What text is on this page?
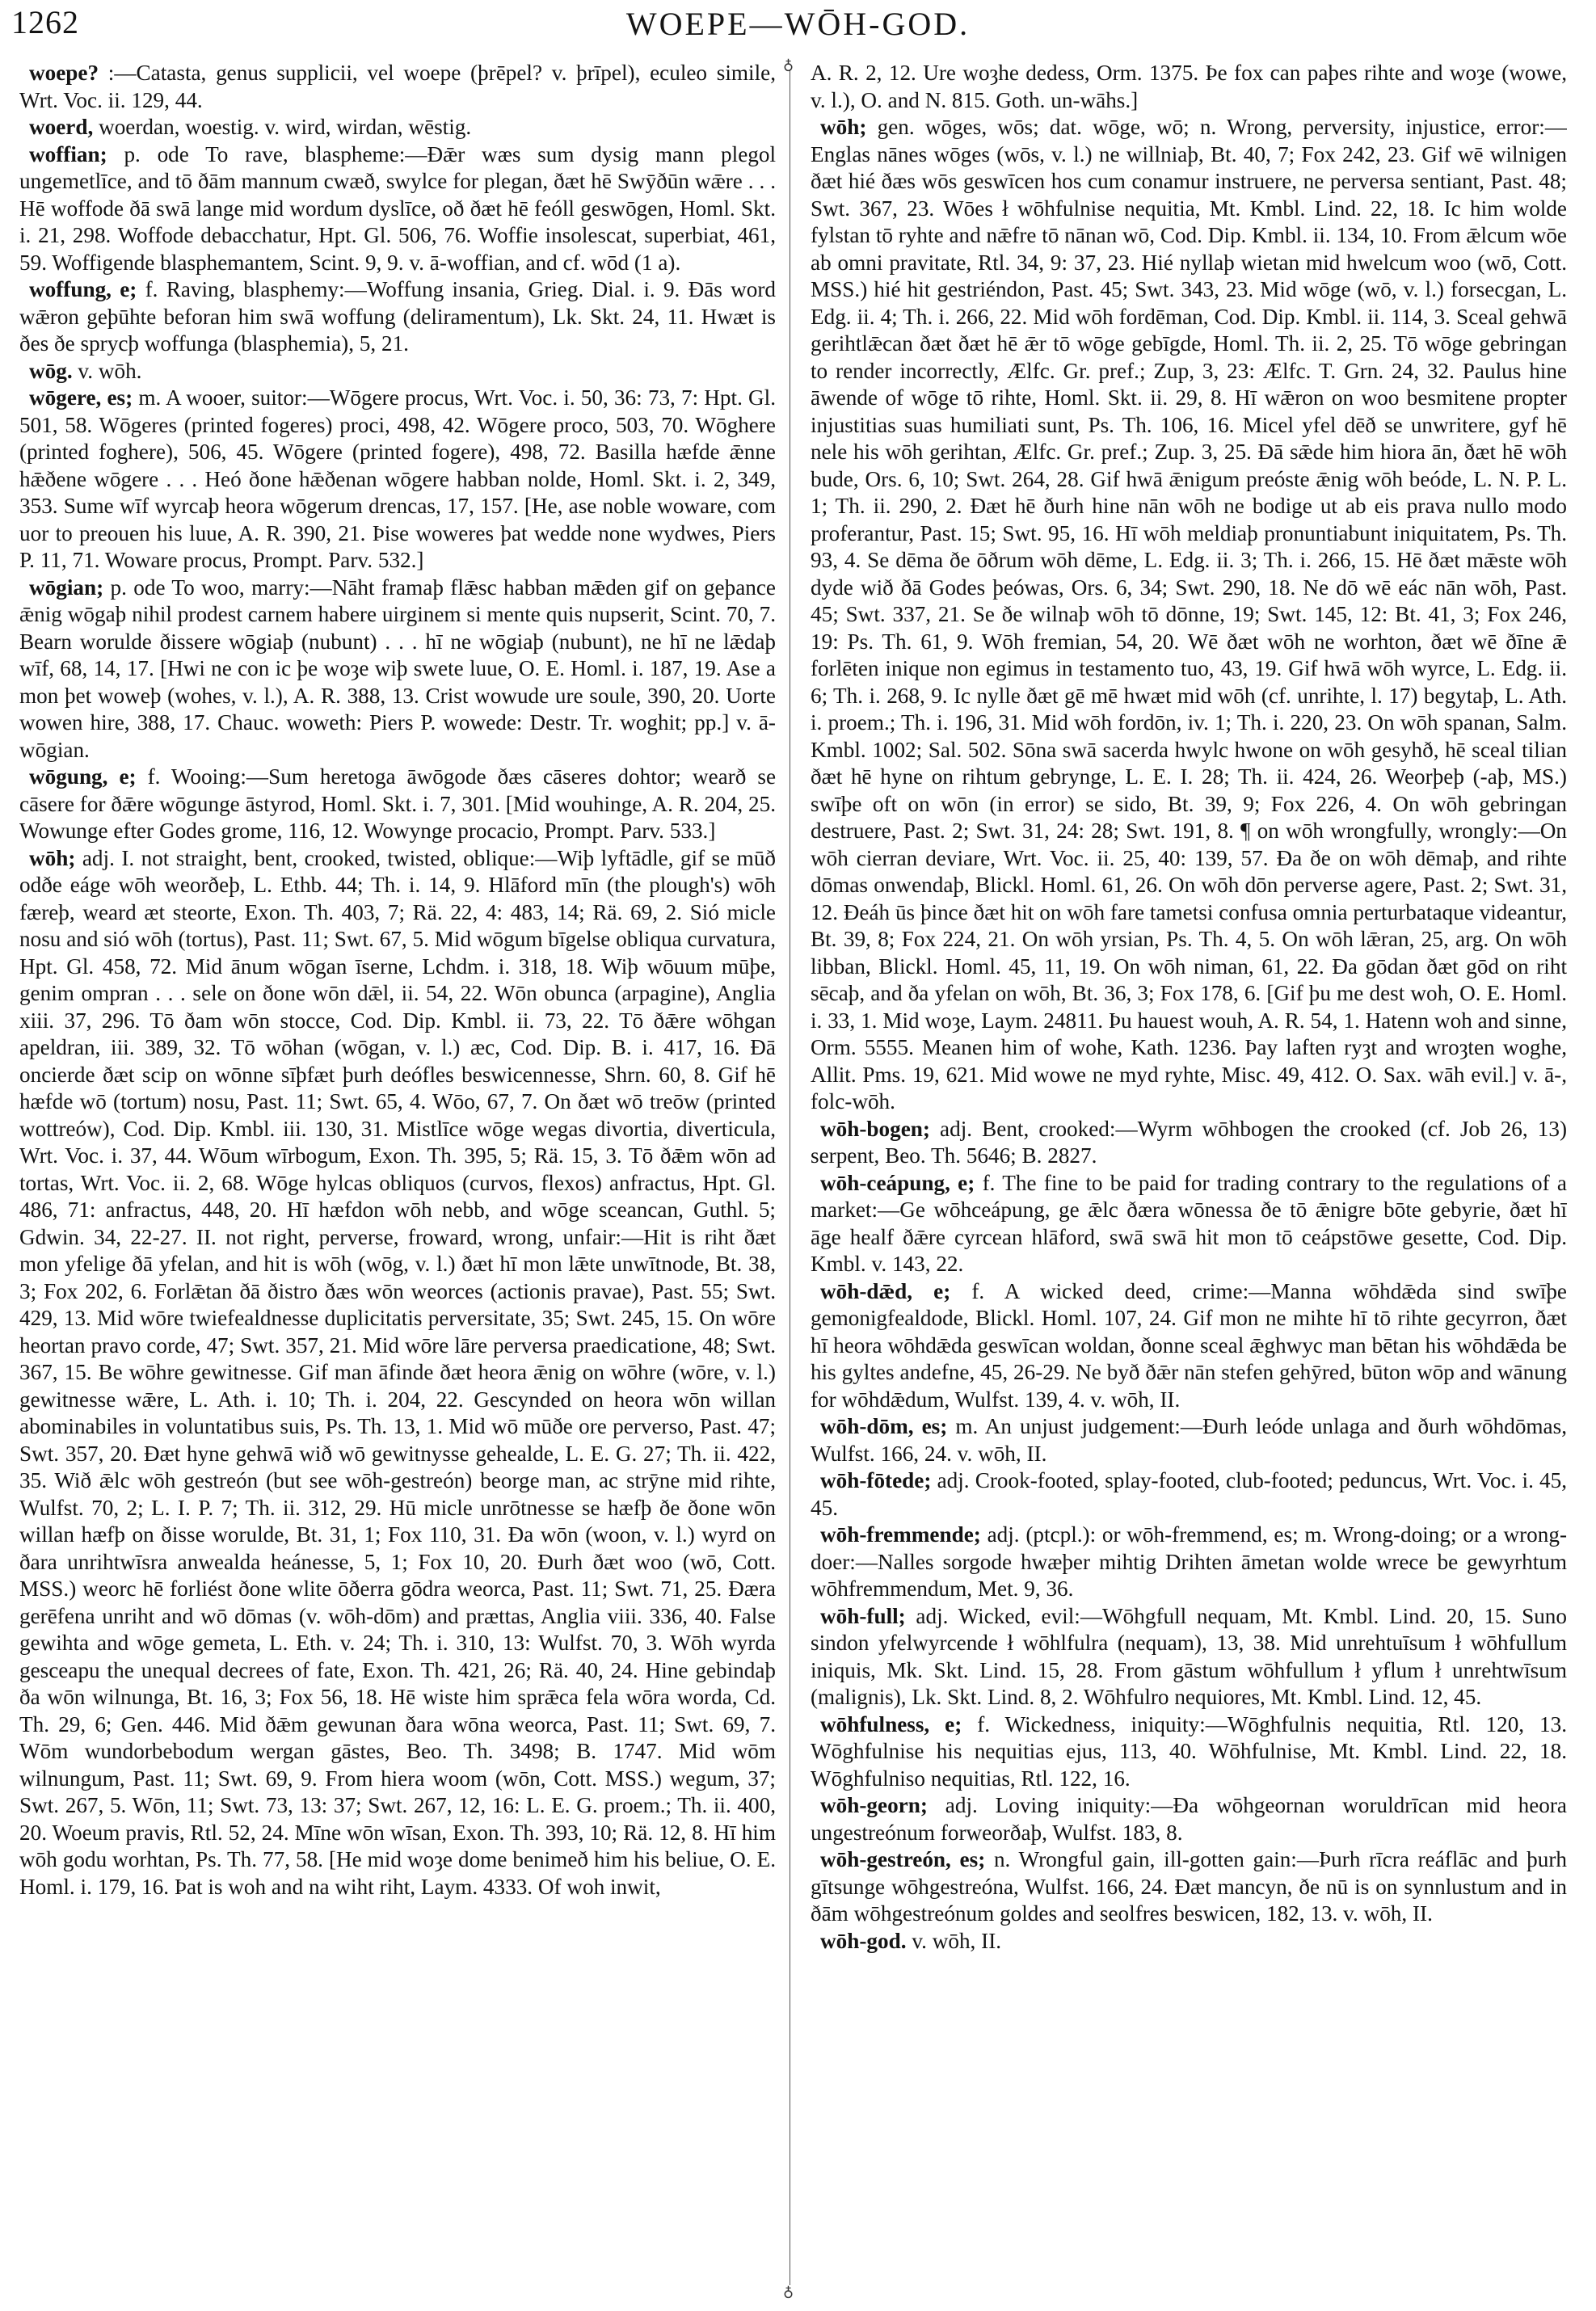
1262	WOEPE—WŌH-GOD.
♁
♁

woepe? :—Catasta, genus supplicii, vel woepe (þrēpel? v. þrīpel), eculeo simile, Wrt. Voc. ii. 129, 44.

woerd, woerdan, woestig. v. wird, wirdan, wēstig.

woffian; p. ode To rave, blaspheme:—Ðǣr wæs sum dysig mann plegol ungemetlīce, and tō ðām mannum cwæð, swylce for plegan, ðæt hē Swȳðūn wǣre . . . Hē woffode ðā swā lange mid wordum dyslīce, oð ðæt hē feóll geswōgen, Homl. Skt. i. 21, 298. Woffode debacchatur, Hpt. Gl. 506, 76. Woffie insolescat, superbiat, 461, 59. Woffigende blasphemantem, Scint. 9, 9. v. ā-woffian, and cf. wōd (1 a).

woffung, e; f. Raving, blasphemy:—Woffung insania, Grieg. Dial. i. 9. Ðās word wǣron geþūhte beforan him swā woffung (deliramentum), Lk. Skt. 24, 11. Hwæt is ðes ðe sprycþ woffunga (blasphemia), 5, 21.

wōg. v. wōh.

wōgere, es; m. A wooer, suitor:—Wōgere procus, Wrt. Voc. i. 50, 36: 73, 7: Hpt. Gl. 501, 58. Wōgeres (printed fogeres) proci, 498, 42. Wōgere proco, 503, 70. Wōghere (printed foghere), 506, 45. Wōgere (printed fogere), 498, 72. Basilla hæfde ǣnne hǣðene wōgere . . . Heó ðone hǣðenan wōgere habban nolde, Homl. Skt. i. 2, 349, 353. Sume wīf wyrcaþ heora wōgerum drencas, 17, 157. [He, ase noble woware, com uor to preouen his luue, A. R. 390, 21. Þise woweres þat wedde none wydwes, Piers P. 11, 71. Woware procus, Prompt. Parv. 532.]

wōgian; p. ode To woo, marry:—Nāht framaþ flǣsc habban mǣden gif on geþance ǣnig wōgaþ nihil prodest carnem habere uirginem si mente quis nupserit, Scint. 70, 7. Bearn worulde ðissere wōgiaþ (nubunt) . . . hī ne wōgiaþ (nubunt), ne hī ne lǣdaþ wīf, 68, 14, 17. [Hwi ne con ic þe woȝe wiþ swete luue, O. E. Homl. i. 187, 19. Ase a mon þet woweþ (wohes, v. l.), A. R. 388, 13. Crist wowude ure soule, 390, 20. Uorte wowen hire, 388, 17. Chauc. woweth: Piers P. wowede: Destr. Tr. woghit; pp.] v. ā-wōgian.

wōgung, e; f. Wooing:—Sum heretoga āwōgode ðæs cāseres dohtor; wearð se cāsere for ðǣre wōgunge āstyrod, Homl. Skt. i. 7, 301. [Mid wouhinge, A. R. 204, 25. Wowunge efter Godes grome, 116, 12. Wowynge procacio, Prompt. Parv. 533.]

wōh; adj. I. not straight, bent, crooked, twisted, oblique:—Wiþ lyftādle, gif se mūð odðe eáge wōh weorðeþ, L. Ethb. 44; Th. i. 14, 9. Hlāford mīn (the plough's) wōh færeþ, weard æt steorte, Exon. Th. 403, 7; Rä. 22, 4: 483, 14; Rä. 69, 2. Sió micle nosu and sió wōh (tortus), Past. 11; Swt. 67, 5. Mid wōgum bīgelse obliqua curvatura, Hpt. Gl. 458, 72. Mid ānum wōgan īserne, Lchdm. i. 318, 18. Wiþ wōuum mūþe, genim ompran . . . sele on ðone wōn dǣl, ii. 54, 22. Wōn obunca (arpagine), Anglia xiii. 37, 296. Tō ðam wōn stocce, Cod. Dip. Kmbl. ii. 73, 22. Tō ðǣre wōhgan apeldran, iii. 389, 32. Tō wōhan (wōgan, v. l.) æc, Cod. Dip. B. i. 417, 16. Ðā oncierde ðæt scip on wōnne sīþfæt þurh deófles beswicennesse, Shrn. 60, 8. Gif hē hæfde wō (tortum) nosu, Past. 11; Swt. 65, 4. Wōo, 67, 7. On ðæt wō treōw (printed wottreów), Cod. Dip. Kmbl. iii. 130, 31. Mistlīce wōge wegas divortia, diverticula, Wrt. Voc. i. 37, 44. Wōum wīrbogum, Exon. Th. 395, 5; Rä. 15, 3. Tō ðǣm wōn ad tortas, Wrt. Voc. ii. 2, 68. Wōge hylcas obliquos (curvos, flexos) anfractus, Hpt. Gl. 486, 71: anfractus, 448, 20. Hī hæfdon wōh nebb, and wōge sceancan, Guthl. 5; Gdwin. 34, 22-27. II. not right, perverse, froward, wrong, unfair:—Hit is riht ðæt mon yfelige ðā yfelan, and hit is wōh (wōg, v. l.) ðæt hī mon lǣte unwītnode, Bt. 38, 3; Fox 202, 6. Forlǣtan ðā ðistro ðæs wōn weorces (actionis pravae), Past. 55; Swt. 429, 13. Mid wōre twiefealdnesse duplicitatis perversitate, 35; Swt. 245, 15. On wōre heortan pravo corde, 47; Swt. 357, 21. Mid wōre lāre perversa praedicatione, 48; Swt. 367, 15. Be wōhre gewitnesse. Gif man āfinde ðæt heora ǣnig on wōhre (wōre, v. l.) gewitnesse wǣre, L. Ath. i. 10; Th. i. 204, 22. Gescynded on heora wōn willan abominabiles in voluntatibus suis, Ps. Th. 13, 1. Mid wō mūðe ore perverso, Past. 47; Swt. 357, 20. Ðæt hyne gehwā wið wō gewitnysse gehealde, L. E. G. 27; Th. ii. 422, 35. Wið ǣlc wōh gestreón (but see wōh-gestreón) beorge man, ac strȳne mid rihte, Wulfst. 70, 2; L. I. P. 7; Th. ii. 312, 29. Hū micle unrōtnesse se hæfþ ðe ðone wōn willan hæfþ on ðisse worulde, Bt. 31, 1; Fox 110, 31. Ða wōn (woon, v. l.) wyrd on ðara unrihtwīsra anwealda heánesse, 5, 1; Fox 10, 20. Ðurh ðæt woo (wō, Cott. MSS.) weorc hē forliést ðone wlite ōðerra gōdra weorca, Past. 11; Swt. 71, 25. Ðæra gerēfena unriht and wō dōmas (v. wōh-dōm) and prættas, Anglia viii. 336, 40. False gewihta and wōge gemeta, L. Eth. v. 24; Th. i. 310, 13: Wulfst. 70, 3. Wōh wyrda gesceapu the unequal decrees of fate, Exon. Th. 421, 26; Rä. 40, 24. Hine gebindaþ ða wōn wilnunga, Bt. 16, 3; Fox 56, 18. Hē wiste him sprǣca fela wōra worda, Cd. Th. 29, 6; Gen. 446. Mid ðǣm gewunan ðara wōna weorca, Past. 11; Swt. 69, 7. Wōm wundorbebodum wergan gāstes, Beo. Th. 3498; B. 1747. Mid wōm wilnungum, Past. 11; Swt. 69, 9. From hiera woom (wōn, Cott. MSS.) wegum, 37; Swt. 267, 5. Wōn, 11; Swt. 73, 13: 37; Swt. 267, 12, 16: L. E. G. proem.; Th. ii. 400, 20. Woeum pravis, Rtl. 52, 24. Mīne wōn wīsan, Exon. Th. 393, 10; Rä. 12, 8. Hī him wōh godu worhtan, Ps. Th. 77, 58. [He mid woȝe dome benimeð him his beliue, O. E. Homl. i. 179, 16. Þat is woh and na wiht riht, Laym. 4333. Of woh inwit,

A. R. 2, 12. Ure woȝhe dedess, Orm. 1375. Þe fox can paþes rihte and woȝe (wowe, v. l.), O. and N. 815. Goth. un-wāhs.]

wōh; gen. wōges, wōs; dat. wōge, wō; n. Wrong, perversity, injustice, error:—Englas nānes wōges (wōs, v. l.) ne willniaþ, Bt. 40, 7; Fox 242, 23. Gif wē wilnigen ðæt hié ðæs wōs geswīcen hos cum conamur instruere, ne perversa sentiant, Past. 48; Swt. 367, 23. Wōes ł wōhfulnise nequitia, Mt. Kmbl. Lind. 22, 18. Ic him wolde fylstan tō ryhte and nǣfre tō nānan wō, Cod. Dip. Kmbl. ii. 134, 10. From ǣlcum wōe ab omni pravitate, Rtl. 34, 9: 37, 23. Hié nyllaþ wietan mid hwelcum woo (wō, Cott. MSS.) hié hit gestriéndon, Past. 45; Swt. 343, 23. Mid wōge (wō, v. l.) forsecgan, L. Edg. ii. 4; Th. i. 266, 22. Mid wōh fordēman, Cod. Dip. Kmbl. ii. 114, 3. Sceal gehwā gerihtlǣcan ðæt ðæt hē ǣr tō wōge gebīgde, Homl. Th. ii. 2, 25. Tō wōge gebringan to render incorrectly, Ælfc. Gr. pref.; Zup, 3, 23: Ælfc. T. Grn. 24, 32. Paulus hine āwende of wōge tō rihte, Homl. Skt. ii. 29, 8. Hī wǣron on woo besmitene propter injustitias suas humiliati sunt, Ps. Th. 106, 16. Micel yfel dēð se unwritere, gyf hē nele his wōh gerihtan, Ælfc. Gr. pref.; Zup. 3, 25. Ðā sǣde him hiora ān, ðæt hē wōh bude, Ors. 6, 10; Swt. 264, 28. Gif hwā ǣnigum preóste ǣnig wōh beóde, L. N. P. L. 1; Th. ii. 290, 2. Ðæt hē ðurh hine nān wōh ne bodige ut ab eis prava nullo modo proferantur, Past. 15; Swt. 95, 16. Hī wōh meldiaþ pronuntiabunt iniquitatem, Ps. Th. 93, 4. Se dēma ðe ōðrum wōh dēme, L. Edg. ii. 3; Th. i. 266, 15. Hē ðæt mǣste wōh dyde wið ðā Godes þeówas, Ors. 6, 34; Swt. 290, 18. Ne dō wē eác nān wōh, Past. 45; Swt. 337, 21. Se ðe wilnaþ wōh tō dōnne, 19; Swt. 145, 12: Bt. 41, 3; Fox 246, 19: Ps. Th. 61, 9. Wōh fremian, 54, 20. Wē ðæt wōh ne worhton, ðæt wē ðīne ǣ forlēten inique non egimus in testamento tuo, 43, 19. Gif hwā wōh wyrce, L. Edg. ii. 6; Th. i. 268, 9. Ic nylle ðæt gē mē hwæt mid wōh (cf. unrihte, l. 17) begytaþ, L. Ath. i. proem.; Th. i. 196, 31. Mid wōh fordōn, iv. 1; Th. i. 220, 23. On wōh spanan, Salm. Kmbl. 1002; Sal. 502. Sōna swā sacerda hwylc hwone on wōh gesyhð, hē sceal tilian ðæt hē hyne on rihtum gebrynge, L. E. I. 28; Th. ii. 424, 26. Weorþeþ (-aþ, MS.) swīþe oft on wōn (in error) se sido, Bt. 39, 9; Fox 226, 4. On wōh gebringan destruere, Past. 2; Swt. 31, 24: 28; Swt. 191, 8. ¶ on wōh wrongfully, wrongly:—On wōh cierran deviare, Wrt. Voc. ii. 25, 40: 139, 57. Ða ðe on wōh dēmaþ, and rihte dōmas onwendaþ, Blickl. Homl. 61, 26. On wōh dōn perverse agere, Past. 2; Swt. 31, 12. Ðeáh ūs þince ðæt hit on wōh fare tametsi confusa omnia perturbataque videantur, Bt. 39, 8; Fox 224, 21. On wōh yrsian, Ps. Th. 4, 5. On wōh lǣran, 25, arg. On wōh libban, Blickl. Homl. 45, 11, 19. On wōh niman, 61, 22. Ða gōdan ðæt gōd on riht sēcaþ, and ða yfelan on wōh, Bt. 36, 3; Fox 178, 6. [Gif þu me dest woh, O. E. Homl. i. 33, 1. Mid woȝe, Laym. 24811. Þu hauest wouh, A. R. 54, 1. Hatenn woh and sinne, Orm. 5555. Meanen him of wohe, Kath. 1236. Þay laften ryȝt and wroȝten woghe, Allit. Pms. 19, 621. Mid wowe ne myd ryhte, Misc. 49, 412. O. Sax. wāh evil.] v. ā-, folc-wōh.

wōh-bogen; adj. Bent, crooked:—Wyrm wōhbogen the crooked (cf. Job 26, 13) serpent, Beo. Th. 5646; B. 2827.

wōh-ceápung, e; f. The fine to be paid for trading contrary to the regulations of a market:—Ge wōhceápung, ge ǣlc ðæra wōnessa ðe tō ǣnigre bōte gebyrie, ðæt hī āge healf ðǣre cyrcean hlāford, swā swā hit mon tō ceápstōwe gesette, Cod. Dip. Kmbl. v. 143, 22.

wōh-dǣd, e; f. A wicked deed, crime:—Manna wōhdǣda sind swīþe gemonigfealdode, Blickl. Homl. 107, 24. Gif mon ne mihte hī tō rihte gecyrron, ðæt hī heora wōhdǣda geswīcan woldan, ðonne sceal ǣghwyc man bētan his wōhdǣda be his gyltes andefne, 45, 26-29. Ne byð ðǣr nān stefen gehȳred, būton wōp and wānung for wōhdǣdum, Wulfst. 139, 4. v. wōh, II.

wōh-dōm, es; m. An unjust judgement:—Ðurh leóde unlaga and ðurh wōhdōmas, Wulfst. 166, 24. v. wōh, II.

wōh-fōtede; adj. Crook-footed, splay-footed, club-footed; peduncus, Wrt. Voc. i. 45, 45.

wōh-fremmende; adj. (ptcpl.): or wōh-fremmend, es; m. Wrong-doing; or a wrong-doer:—Nalles sorgode hwæþer mihtig Drihten āmetan wolde wrece be gewyrhtum wōhfremmendum, Met. 9, 36.

wōh-full; adj. Wicked, evil:—Wōhgfull nequam, Mt. Kmbl. Lind. 20, 15. Suno sindon yfelwyrcende ł wōhlfulra (nequam), 13, 38. Mid unrehtuīsum ł wōhfullum iniquis, Mk. Skt. Lind. 15, 28. From gāstum wōhfullum ł yflum ł unrehtwīsum (malignis), Lk. Skt. Lind. 8, 2. Wōhfulro nequiores, Mt. Kmbl. Lind. 12, 45.

wōhfulness, e; f. Wickedness, iniquity:—Wōghfulnis nequitia, Rtl. 120, 13. Wōghfulnise his nequitias ejus, 113, 40. Wōhfulnise, Mt. Kmbl. Lind. 22, 18. Wōghfulniso nequitias, Rtl. 122, 16.

wōh-georn; adj. Loving iniquity:—Ða wōhgeornan woruldrīcan mid heora ungestreónum forweorðaþ, Wulfst. 183, 8.

wōh-gestreón, es; n. Wrongful gain, ill-gotten gain:—Þurh rīcra reáflāc and þurh gītsunge wōhgestreóna, Wulfst. 166, 24. Ðæt mancyn, ðe nū is on synnlustum and in ðām wōhgestreónum goldes and seolfres beswicen, 182, 13. v. wōh, II.

wōh-god. v. wōh, II.
